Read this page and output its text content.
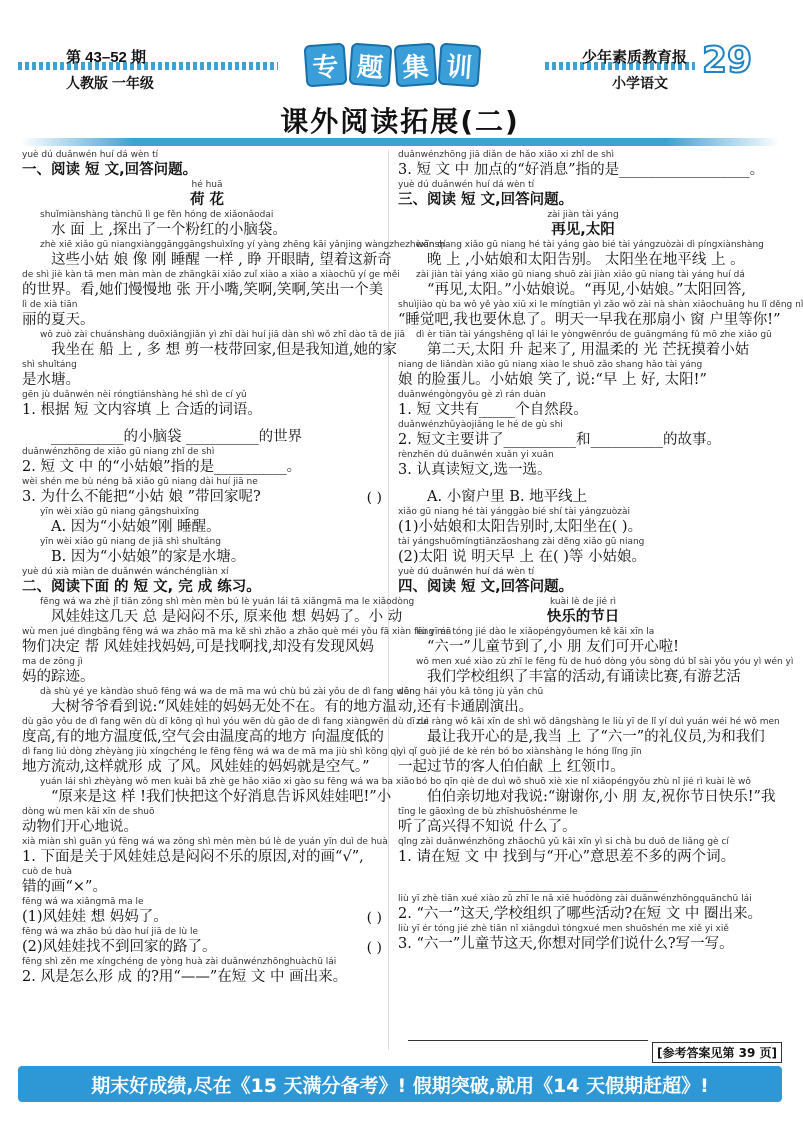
第 43–52 期
人教版 一年级	专 题 集 训	少年素质教育报
小学语文
29
课外阅读拓展(二)
yuè dú duǎnwén huí dá wèn tí
一、阅读 短 文,回答问题。
hé huā
荷 花
shuǐmiànshàng tànchū lì ge fěn hóng de xiǎonǎodai
水 面 上 ,探出了一个粉红的小脑袋。
zhè xiē xiǎo gū niangxiànggānggāngshuìxǐng yí yàng zhēng kāi yǎnjing wàngzhezhèxīn qí
这些小姑 娘 像 刚 睡醒 一样 , 睁 开眼睛, 望着这新奇
de shì jiè kàn tā men màn màn de zhāngkāi xiǎo zuǐ xiào a xiào a xiàochū yí ge měi
的世界。看,她们慢慢地 张 开小嘴,笑啊,笑啊,笑出一个美
lì de xià tiān
丽的夏天。
wǒ zuò zài chuánshàng duōxiǎngjiǎn yì zhī dài huí jiā dàn shì wǒ zhī dào tā de jiā
我坐在 船 上 , 多 想 剪一枝带回家,但是我知道,她的家
shì shuǐtáng
是水塘。
gēn jù duǎnwén nèi róngtiánshàng hé shì de cí yǔ
1. 根据 短 文内容填 上 合适的词语。
__________的小脑袋 __________的世界
duǎnwénzhōng de xiǎo gū niang zhǐ de shì
2. 短 文 中 的“小姑娘”指的是__________。
wèi shén me bù néng bǎ xiǎo gū niang dài huí jiā ne
3. 为什么不能把“小姑 娘 ”带回家呢?	( )
yīn wèi xiǎo gū niang gāngshuìxǐng
A. 因为“小姑娘”刚 睡醒。
yīn wèi xiǎo gū niang de jiā shì shuǐtáng
B. 因为“小姑娘”的家是水塘。
yuè dú xià miàn de duǎnwén wánchéngliàn xí
二、阅读下面 的 短 文, 完 成 练习。
fēng wá wa zhè jǐ tiān zǒng shì mèn mèn bú lè yuán lái tā xiǎngmā ma le xiǎodòng
风娃娃这几天 总 是闷闷不乐, 原来他 想 妈妈了。小 动
wù men jué dìngbāng fēng wá wa zhǎo mā ma kě shì zhǎo a zhǎo què méi yǒu fā xiàn fēng mā
物们决定 帮 风娃娃找妈妈,可是找啊找,却没有发现风妈
ma de zōng jì
妈的踪迹。
dà shù yé ye kàndào shuō fēng wá wa de mā ma wú chù bú zài yǒu de dì fang wēn
大树爷爷看到说:“风娃娃的妈妈无处不在。有的地方温
dù gāo yǒu de dì fang wēn dù dī kōng qì huì yóu wēn dù gāo de dì fang xiàngwēn dù dī de
度高,有的地方温度低,空气会由温度高的地方 向温度低的
dì fang liú dòng zhèyàng jiù xíngchéng le fēng fēng wá wa de mā ma jiù shì kōng qì
地方流动,这样就形 成 了风。风娃娃的妈妈就是空气。”
yuán lái shì zhèyàng wǒ men kuài bǎ zhè ge hǎo xiāo xi gào su fēng wá wa ba xiǎo
“原来是这 样 !我们快把这个好消息告诉风娃娃吧!”小
dòng wù men kāi xīn de shuō
动物们开心地说。
xià miàn shì guān yú fēng wá wa zǒng shì mèn mèn bú lè de yuán yīn duì de huà
1. 下面是关于风娃娃总是闷闷不乐的原因,对的画“√”,
cuò de huà
错的画“×”。
fēng wá wa xiǎngmā ma le
(1)风娃娃 想 妈妈了。	( )
fēng wá wa zhǎo bú dào huí jiā de lù le
(2)风娃娃找不到回家的路了。	( )
fēng shì zěn me xíngchéng de yòng huà zài duǎnwénzhōnghuàchū lái
2. 风是怎么形 成 的?用“——”在短 文 中 画出来。
duǎnwénzhōng jiā diǎn de hǎo xiāo xi zhǐ de shì
3. 短 文 中 加点的“好消息”指的是__________________。
yuè dú duǎnwén huí dá wèn tí
三、阅读 短 文,回答问题。
zài jiàn tài yáng
再见,太阳
wǎnshang xiǎo gū niang hé tài yáng gào bié tài yángzuòzài dì píngxiànshàng
晚 上 ,小姑娘和太阳告别。 太阳坐在地平线 上 。
zài jiàn tài yáng xiǎo gū niang shuō zài jiàn xiǎo gū niang tài yáng huí dá
“再见,太阳。”小姑娘说。“再见,小姑娘。”太阳回答,
shuìjiào qù ba wǒ yě yào xiū xi le míngtiān yì zǎo wǒ zài nà shàn xiǎochuāng hu lǐ děng nǐ
“睡觉吧,我也要休息了。明天一早我在那扇小 窗 户里等你!”
dì èr tiān tài yángshēng qǐ lái le yòngwēnróu de guāngmáng fǔ mō zhe xiǎo gū
第二天,太阳 升 起来了, 用温柔的 光 芒抚摸着小姑
niang de liǎndàn xiǎo gū niang xiào le shuō zǎo shang hǎo tài yáng
娘 的脸蛋儿。小姑娘 笑了, 说:“早 上 好, 太阳!”
duǎnwéngòngyǒu gè zì rán duàn
1. 短 文共有_____个自然段。
duǎnwénzhǔyàojiǎng le hé de gù shi
2. 短文主要讲了__________和__________的故事。
rènzhēn dú duǎnwén xuǎn yi xuǎn
3. 认真读短文,选一选。
A. 小窗户里 B. 地平线上
xiǎo gū niang hé tài yánggào bié shí tài yángzuòzài
(1)小姑娘和太阳告别时,太阳坐在( )。
tài yángshuōmíngtiānzǎoshang zài děng xiǎo gū niang
(2)太阳 说 明天早 上 在( )等 小姑娘。
yuè dú duǎnwén huí dá wèn tí
四、阅读 短 文,回答问题。
kuài lè de jié rì
快乐的节日
liù yī ér tóng jié dào le xiǎopéngyǒumen kě kāi xīn la
“六一”儿童节到了,小 朋 友们可开心啦!
wǒ men xué xiào zǔ zhī le fēng fù de huó dòng yǒu sòng dú bǐ sài yǒu yóu yì wén yì
我们学校组织了丰富的活动,有诵读比赛,有游艺活
dòng hái yǒu kǎ tōng jù yǎn chū
动,还有卡通剧演出。
zuì ràng wǒ kāi xīn de shì wǒ dāngshàng le liù yī de lǐ yí duì yuán wéi hé wǒ men
最让我开心的是,我当 上 了“六一”的礼仪员,为和我们
yì qǐ guò jié de kè rén bó bo xiànshàng le hóng lǐng jīn
一起过节的客人伯伯献 上 红领巾。
bó bo qīn qiè de duì wǒ shuō xiè xie nǐ xiǎopéngyǒu zhù nǐ jié rì kuài lè wǒ
伯伯亲切地对我说:“谢谢你,小 朋 友,祝你节日快乐!”我
tīng le gāoxìng de bù zhīshuōshénme le
听了高兴得不知说 什么了。
qǐng zài duǎnwénzhōng zhǎochū yǔ kāi xīn yì si chà bu duō de liǎng gè cí
1. 请在短 文 中 找到与“开心”意思差不多的两个词。
__________ __________
liù yī zhè tiān xué xiào zǔ zhī le nǎ xiē huódòng zài duǎnwénzhōngquānchū lái
2. “六一”这天,学校组织了哪些活动?在短 文 中 圈出来。
liù yī ér tóng jié zhè tiān nǐ xiǎngduì tóngxué men shuōshén me xiě yi xiě
3. “六一”儿童节这天,你想对同学们说什么?写一写。
[参考答案见第 39 页]
期末好成绩,尽在《15 天满分备考》! 假期突破,就用《14 天假期赶超》!
